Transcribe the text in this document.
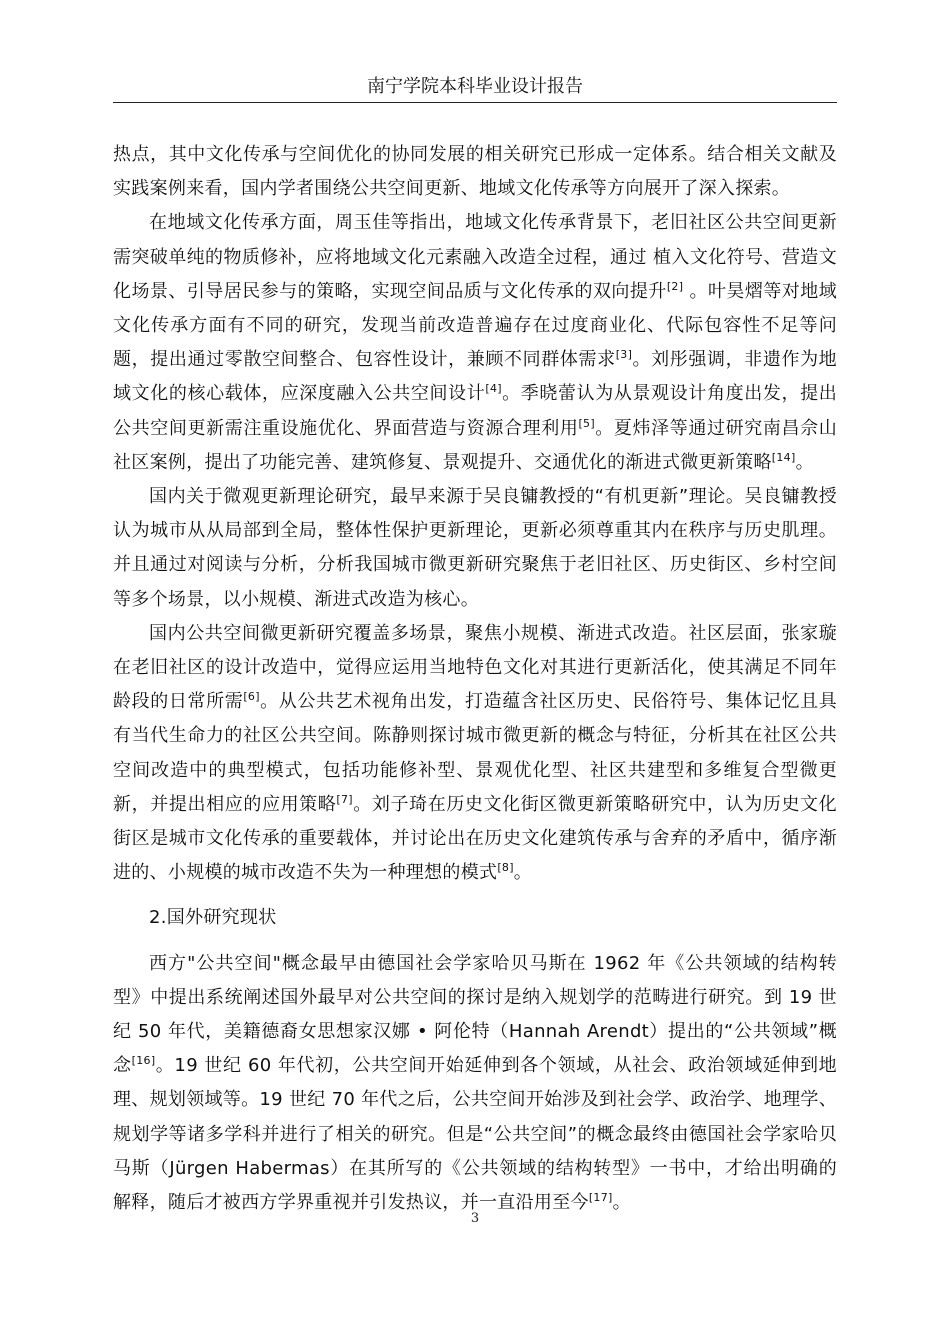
南宁学院本科毕业设计报告

热点，其中文化传承与空间优化的协同发展的相关研究已形成一定体系。结合相关文献及实践案例来看，国内学者围绕公共空间更新、地域文化传承等方向展开了深入探索。

在地域文化传承方面，周玉佳等指出，地域文化传承背景下，老旧社区公共空间更新需突破单纯的物质修补，应将地域文化元素融入改造全过程，通过 植入文化符号、营造文化场景、引导居民参与的策略，实现空间品质与文化传承的双向提升[2] 。叶昊熠等对地域文化传承方面有不同的研究，发现当前改造普遍存在过度商业化、代际包容性不足等问题，提出通过零散空间整合、包容性设计，兼顾不同群体需求[3]。刘彤强调，非遗作为地域文化的核心载体，应深度融入公共空间设计[4]。季晓蕾认为从景观设计角度出发，提出公共空间更新需注重设施优化、界面营造与资源合理利用[5]。夏炜泽等通过研究南昌佘山社区案例，提出了功能完善、建筑修复、景观提升、交通优化的渐进式微更新策略[14]。

国内关于微观更新理论研究，最早来源于吴良镛教授的“有机更新”理论。吴良镛教授认为城市从从局部到全局，整体性保护更新理论，更新必须尊重其内在秩序与历史肌理。并且通过对阅读与分析，分析我国城市微更新研究聚焦于老旧社区、历史街区、乡村空间等多个场景，以小规模、渐进式改造为核心。

国内公共空间微更新研究覆盖多场景，聚焦小规模、渐进式改造。社区层面，张家璇在老旧社区的设计改造中，觉得应运用当地特色文化对其进行更新活化，使其满足不同年龄段的日常所需[6]。从公共艺术视角出发，打造蕴含社区历史、民俗符号、集体记忆且具有当代生命力的社区公共空间。陈静则探讨城市微更新的概念与特征，分析其在社区公共空间改造中的典型模式，包括功能修补型、景观优化型、社区共建型和多维复合型微更新，并提出相应的应用策略[7]。刘子琦在历史文化街区微更新策略研究中，认为历史文化街区是城市文化传承的重要载体，并讨论出在历史文化建筑传承与舍弃的矛盾中，循序渐进的、小规模的城市改造不失为一种理想的模式[8]。

2.国外研究现状

西方"公共空间"概念最早由德国社会学家哈贝马斯在 1962 年《公共领域的结构转型》中提出系统阐述国外最早对公共空间的探讨是纳入规划学的范畴进行研究。到 19 世纪 50 年代，美籍德裔女思想家汉娜 • 阿伦特（Hannah Arendt）提出的“公共领域”概念[16]。19 世纪 60 年代初，公共空间开始延伸到各个领域，从社会、政治领域延伸到地理、规划领域等。19 世纪 70 年代之后，公共空间开始涉及到社会学、政治学、地理学、规划学等诸多学科并进行了相关的研究。但是“公共空间”的概念最终由德国社会学家哈贝马斯（Jürgen Habermas）在其所写的《公共领域的结构转型》一书中，才给出明确的解释，随后才被西方学界重视并引发热议，并一直沿用至今[17]。

3
